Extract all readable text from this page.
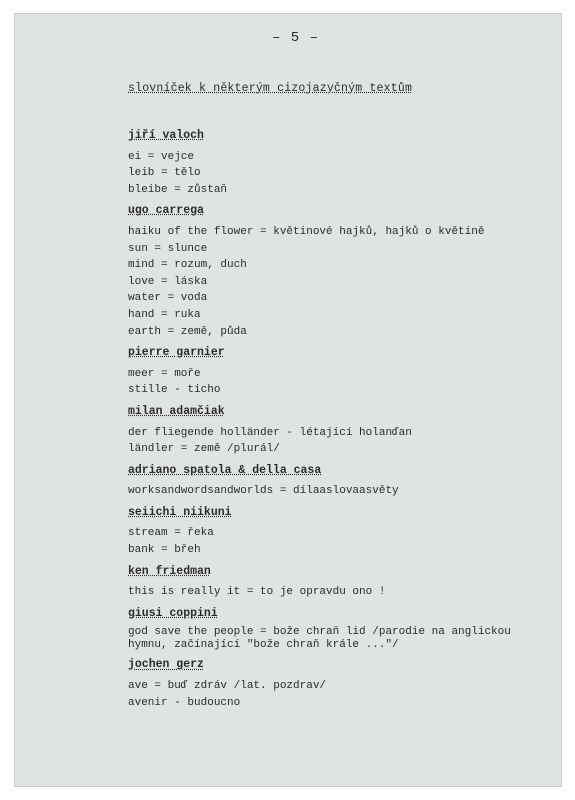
– 5 –
slovníček k některým cizojazyčným textům
jiří valoch
ei = vejce
leib = tělo
bleibe = zůstaň
ugo carrega
haiku of the flower = květinové hajků, hajků o květině
sun = slunce
mind = rozum, duch
love = láska
water = voda
hand = ruka
earth = země, půda
pierre garnier
meer = moře
stille - ticho
milan adamčiak
der fliegende holländer - létající holanďan
ländler = země /plurál/
adriano spatola & della casa
worksandwordsandworlds = dílaaslovaasvěty
seiichi niikuni
stream = řeka
bank = břeh
ken friedman
this is really it = to je opravdu ono !
giusi coppini
god save the people = bože chraň lid /parodie na anglickou hymnu, začínající "bože chraň krále ..."/
jochen gerz
ave = buď zdráv /lat. pozdrav/
avenir - budoucno
